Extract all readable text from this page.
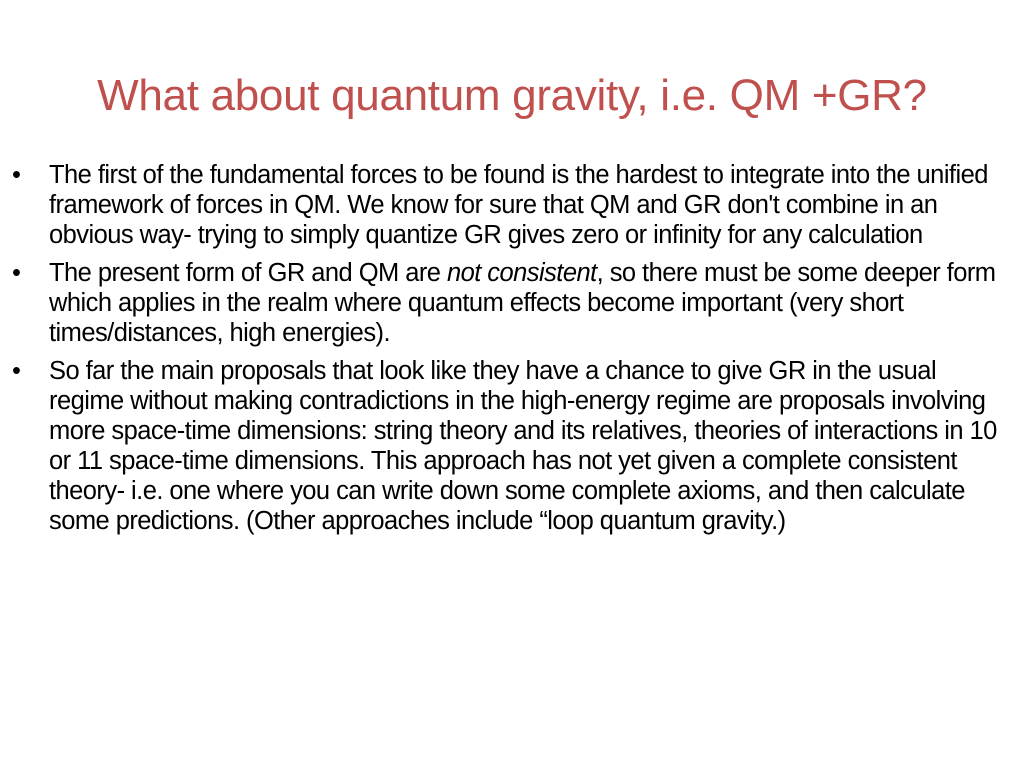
What about quantum gravity, i.e. QM +GR?
• The first of the fundamental forces to be found is the hardest to integrate into the unified framework of forces in QM. We know for sure that QM and GR don't combine in an obvious way- trying to simply quantize GR gives zero or infinity for any calculation
• The present form of GR and QM are not consistent, so there must be some deeper form which applies in the realm where quantum effects become important (very short times/distances, high energies).
• So far the main proposals that look like they have a chance to give GR in the usual regime without making contradictions in the high-energy regime are proposals involving more space-time dimensions: string theory and its relatives, theories of interactions in 10 or 11 space-time dimensions. This approach has not yet given a complete consistent theory- i.e. one where you can write down some complete axioms, and then calculate some predictions. (Other approaches include “loop quantum gravity.)
